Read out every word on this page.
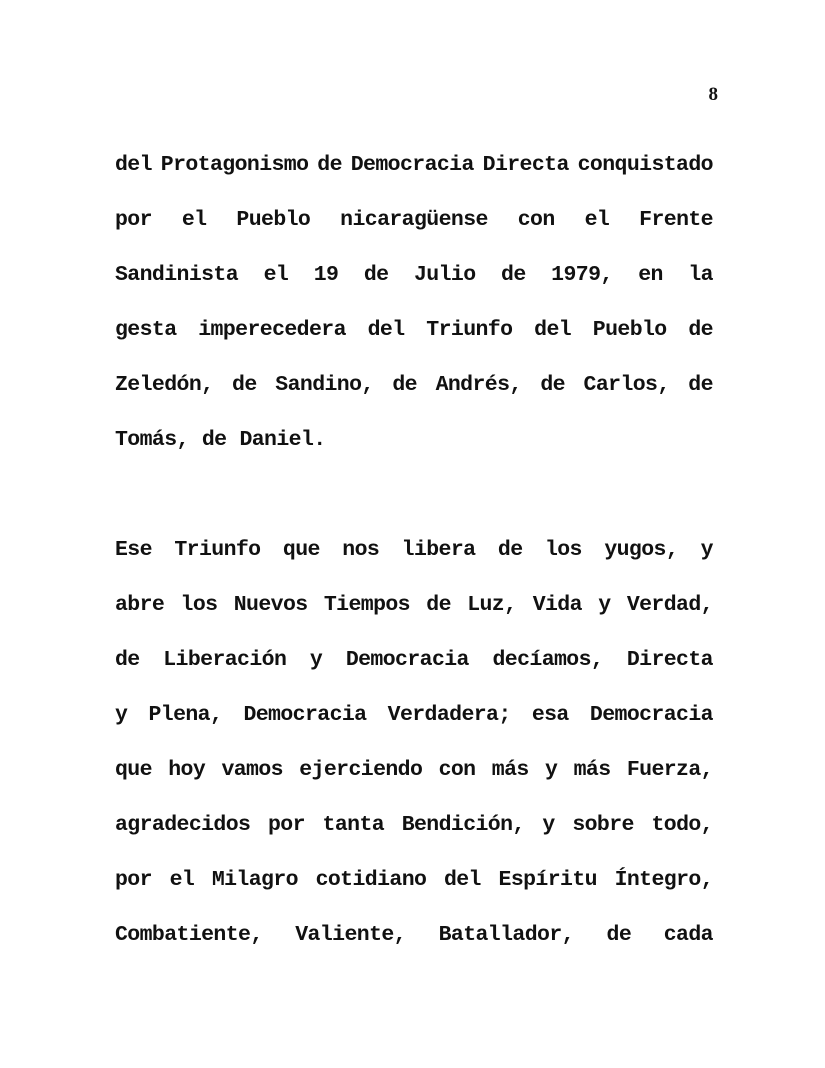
8
del Protagonismo de Democracia Directa conquistado
por el Pueblo nicaragüense con el Frente
Sandinista el 19 de Julio de 1979, en la
gesta imperecedera del Triunfo del Pueblo de
Zeledón, de Sandino, de Andrés, de Carlos, de
Tomás, de Daniel.
Ese Triunfo que nos libera de los yugos, y
abre los Nuevos Tiempos de Luz, Vida y Verdad,
de Liberación y Democracia decíamos, Directa
y Plena, Democracia Verdadera; esa Democracia
que hoy vamos ejerciendo con más y más Fuerza,
agradecidos por tanta Bendición, y sobre todo,
por el Milagro cotidiano del Espíritu Íntegro,
Combatiente, Valiente, Batallador, de cada
